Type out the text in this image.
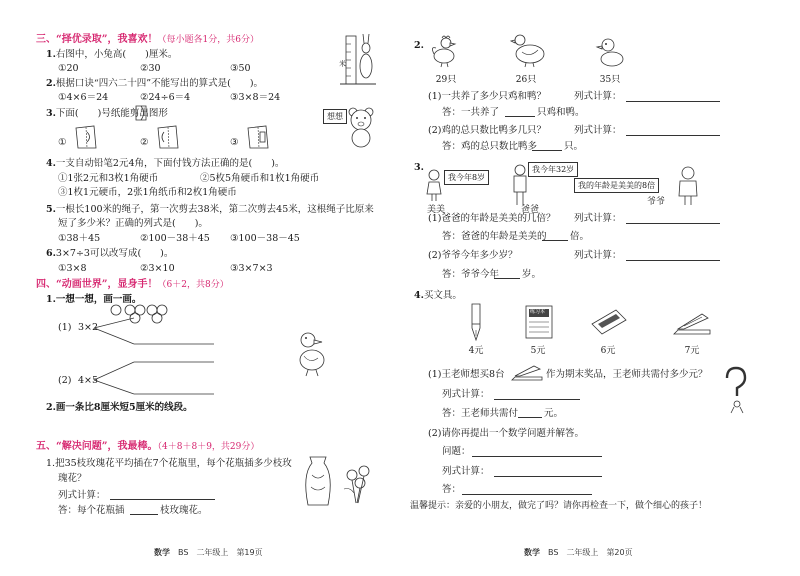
三、“择优录取”，我喜欢！（每小题各1分，共6分）
1.右图中，小兔高(　　)厘米。
①20	②30	③50	米
2.根据口诀“四六二十四”不能写出的算式是(　　)。
①4×6＝24	②24÷6＝4	③3×8＝24
3.下面(　　)号纸能剪出图形
①	②	③
想想
4.一支自动铅笔2元4角，下面付钱方法正确的是(　　)。
①1张2元和3枚1角硬币	②5枚5角硬币和1枚1角硬币
③1枚1元硬币，2张1角纸币和2枚1角硬币
5.一根长100米的绳子，第一次剪去38米，第二次剪去45米，这根绳子比原来
短了多少米？正确的列式是(　　)。
①38＋45	②100－38＋45 ③100－38－45
6.3×7÷3可以改写成(　　)。
①3×8	②3×10	③3×7×3
四、“动画世界”，显身手！（6＋2，共8分）
1.一想一想，画一画。
(1) 3×2
(2) 4×5
2.画一条比8厘米短5厘米的线段。
五、“解决问题”，我最棒。（4＋8＋8＋9，共29分）
1.把35枝玫瑰花平均插在7个花瓶里，每个花瓶插多少枝玫
瑰花？
列式计算：
答：每个花瓶插	枝玫瑰花。
数学 BS 二年级上 第19页
2.
29只	26只	35只
(1)一共养了多少只鸡和鸭？	列式计算：
答：一共养了	只鸡和鸭。
(2)鸡的总只数比鸭多几只？	列式计算：
答：鸡的总只数比鸭多	只。
3.
我今年8岁
我今年32岁
我的年龄是美美的8倍
美美	爸爸
爷爷
(1)爸爸的年龄是美美的几倍？ 列式计算：
答：爸爸的年龄是美美的 倍。
(2)爷爷今年多少岁？	列式计算：
答：爷爷今年 岁。
4.买文具。
4元
练习本
5元	6元	7元
(1)王老师想买8台	作为期末奖品，王老师共需付多少元？
列式计算：
答：王老师共需付	元。
(2)请你再提出一个数学问题并解答。
问题：
列式计算：
答：
温馨提示：亲爱的小朋友，做完了吗？请你再检查一下，做个细心的孩子！
数学 BS 二年级上 第20页
